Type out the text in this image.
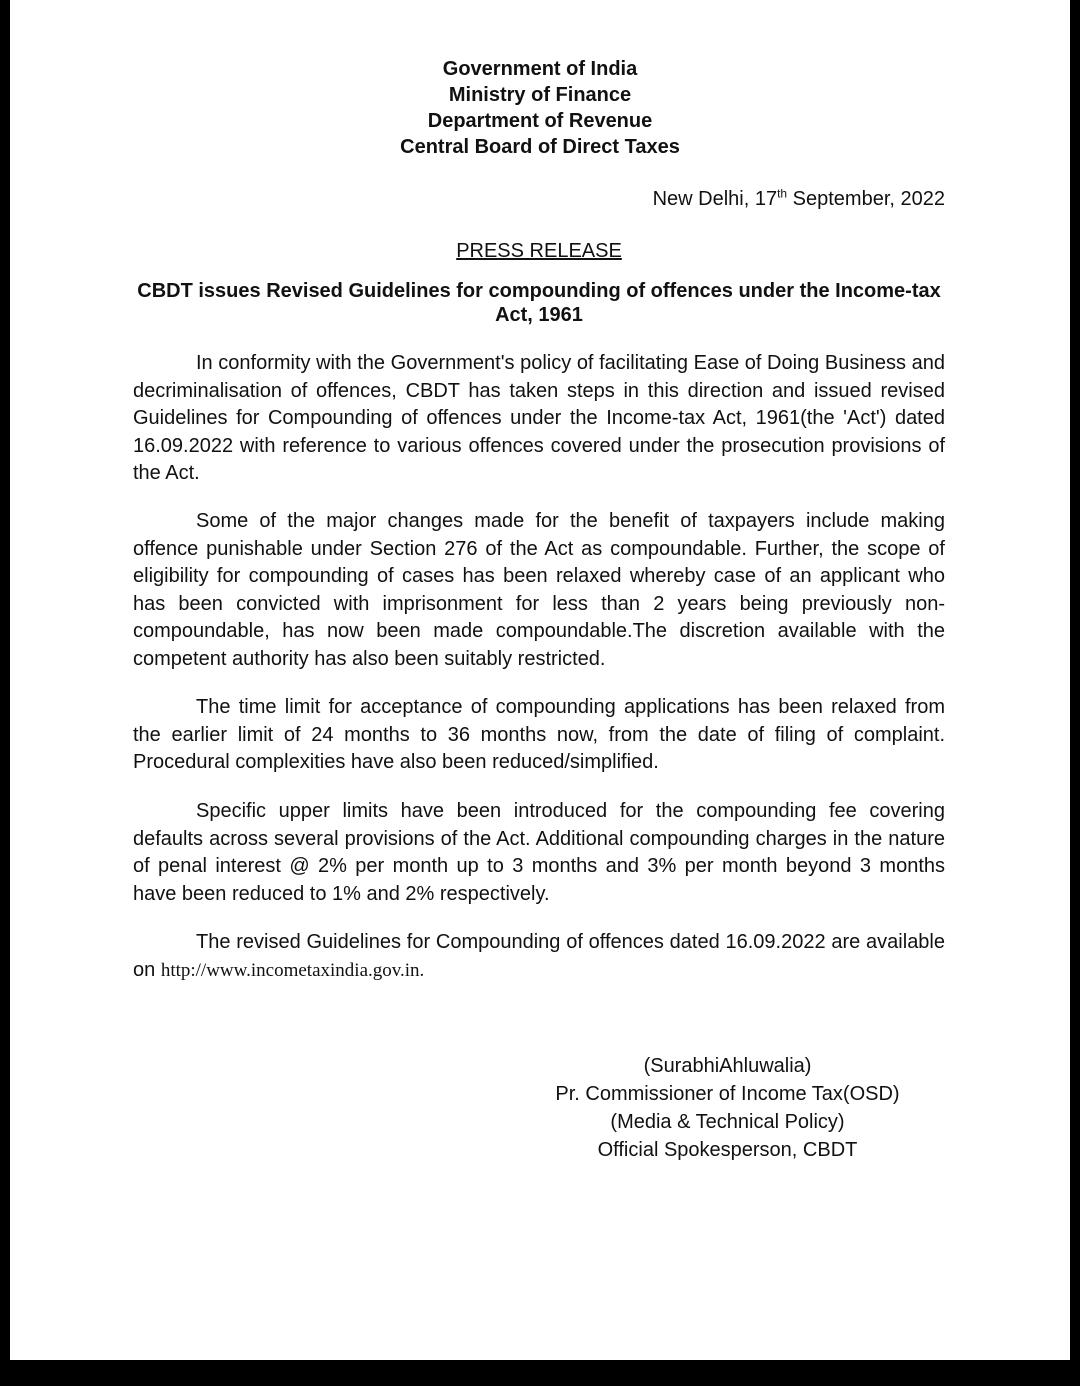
Government of India
Ministry of Finance
Department of Revenue
Central Board of Direct Taxes
New Delhi, 17th September, 2022
PRESS RELEASE
CBDT issues Revised Guidelines for compounding of offences under the Income-tax Act, 1961

In conformity with the Government's policy of facilitating Ease of Doing Business and decriminalisation of offences, CBDT has taken steps in this direction and issued revised Guidelines for Compounding of offences under the Income-tax Act, 1961(the 'Act') dated 16.09.2022 with reference to various offences covered under the prosecution provisions of the Act.

Some of the major changes made for the benefit of taxpayers include making offence punishable under Section 276 of the Act as compoundable. Further, the scope of eligibility for compounding of cases has been relaxed whereby case of an applicant who has been convicted with imprisonment for less than 2 years being previously non-compoundable, has now been made compoundable.The discretion available with the competent authority has also been suitably restricted.

The time limit for acceptance of compounding applications has been relaxed from the earlier limit of 24 months to 36 months now, from the date of filing of complaint. Procedural complexities have also been reduced/simplified.

Specific upper limits have been introduced for the compounding fee covering defaults across several provisions of the Act. Additional compounding charges in the nature of penal interest @ 2% per month up to 3 months and 3% per month beyond 3 months have been reduced to 1% and 2% respectively.

The revised Guidelines for Compounding of offences dated 16.09.2022 are available on http://www.incometaxindia.gov.in.

(SurabhiAhluwalia)
Pr. Commissioner of Income Tax(OSD)
(Media & Technical Policy)
Official Spokesperson, CBDT
